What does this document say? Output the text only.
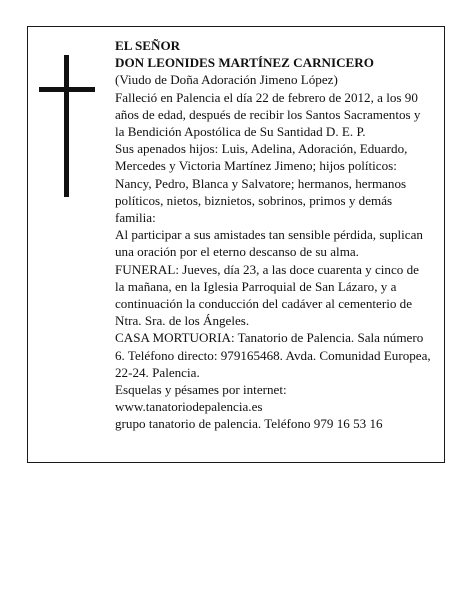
EL SEÑOR

DON LEONIDES MARTÍNEZ CARNICERO

(Viudo de Doña Adoración Jimeno López)

Falleció en Palencia el día 22 de febrero de 2012, a los 90 años de edad, después de recibir los Santos Sacramentos y la Bendición Apostólica de Su Santidad D. E. P.

Sus apenados hijos: Luis, Adelina, Adoración, Eduardo, Mercedes y Victoria Martínez Jimeno; hijos políticos: Nancy, Pedro, Blanca y Salvatore; hermanos, hermanos políticos, nietos, biznietos, sobrinos, primos y demás familia:

Al participar a sus amistades tan sensible pérdida, suplican una oración por el eterno descanso de su alma.

FUNERAL: Jueves, día 23, a las doce cuarenta y cinco de la mañana, en la Iglesia Parroquial de San Lázaro, y a continuación la conducción del cadáver al cementerio de Ntra. Sra. de los Ángeles.

CASA MORTUORIA: Tanatorio de Palencia. Sala número 6. Teléfono directo: 979165468. Avda. Comunidad Europea, 22-24. Palencia.

Esquelas y pésames por internet:

www.tanatoriodepalencia.es

grupo tanatorio de palencia. Teléfono 979 16 53 16
